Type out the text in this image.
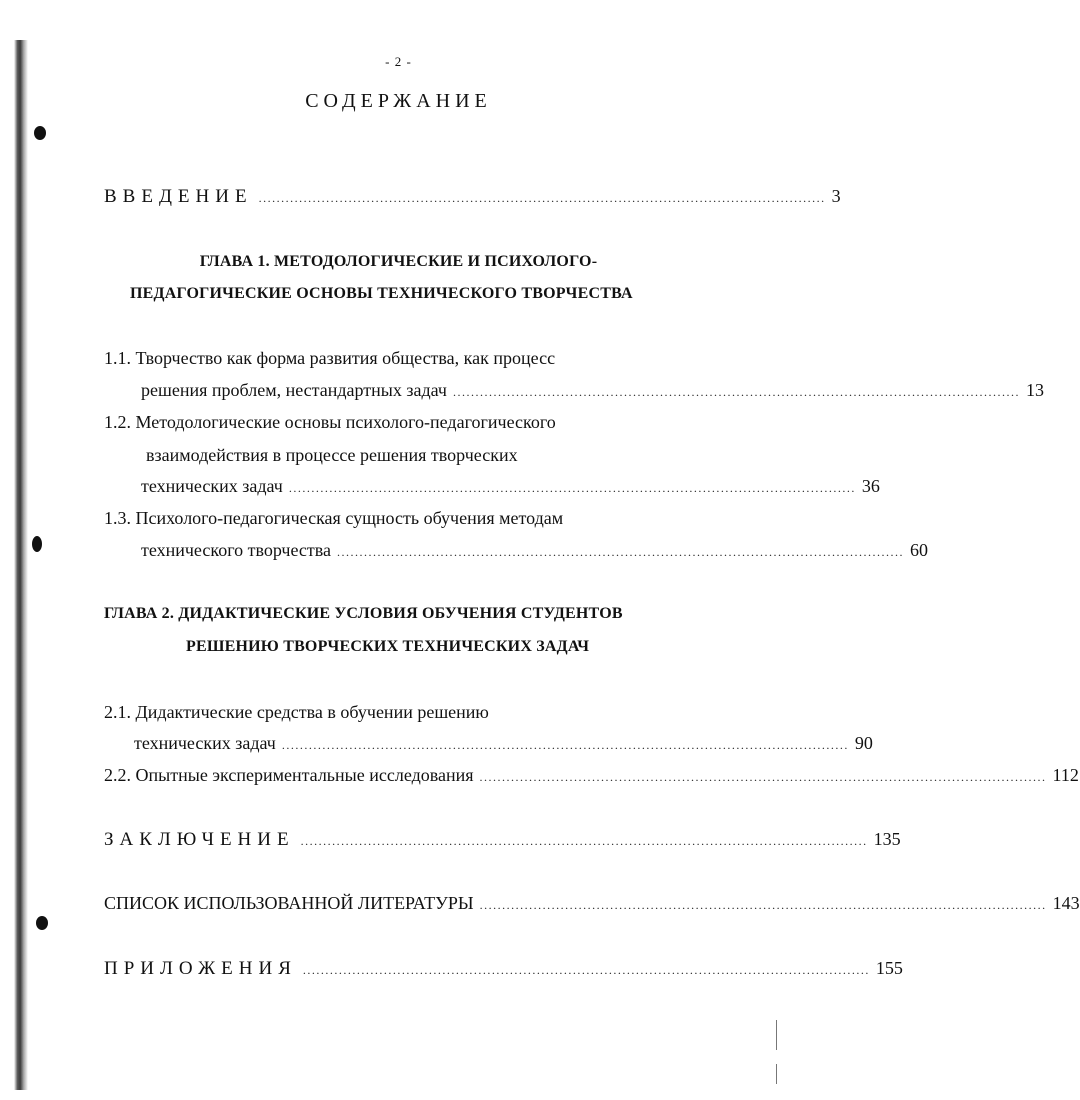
- 2 -
СОДЕРЖАНИЕ
ВВЕДЕНИЕ .............................................................................................................................. 3
ГЛАВА 1. МЕТОДОЛОГИЧЕСКИЕ И ПСИХОЛОГО-
ПЕДАГОГИЧЕСКИЕ ОСНОВЫ ТЕХНИЧЕСКОГО ТВОРЧЕСТВА
1.1. Творчество как форма развития общества, как процесс
решения проблем, нестандартных задач .............................................................................................................................. 13
1.2. Методологические основы психолого-педагогического
взаимодействия в процессе решения творческих
технических задач .............................................................................................................................. 36
1.3. Психолого-педагогическая сущность обучения методам
технического творчества .............................................................................................................................. 60
ГЛАВА 2. ДИДАКТИЧЕСКИЕ УСЛОВИЯ ОБУЧЕНИЯ СТУДЕНТОВ
РЕШЕНИЮ ТВОРЧЕСКИХ ТЕХНИЧЕСКИХ ЗАДАЧ
2.1. Дидактические средства в обучении решению
технических задач .............................................................................................................................. 90
2.2. Опытные экспериментальные исследования .............................................................................................................................. 112
ЗАКЛЮЧЕНИЕ .............................................................................................................................. 135
СПИСОК ИСПОЛЬЗОВАННОЙ ЛИТЕРАТУРЫ .............................................................................................................................. 143
ПРИЛОЖЕНИЯ .............................................................................................................................. 155
